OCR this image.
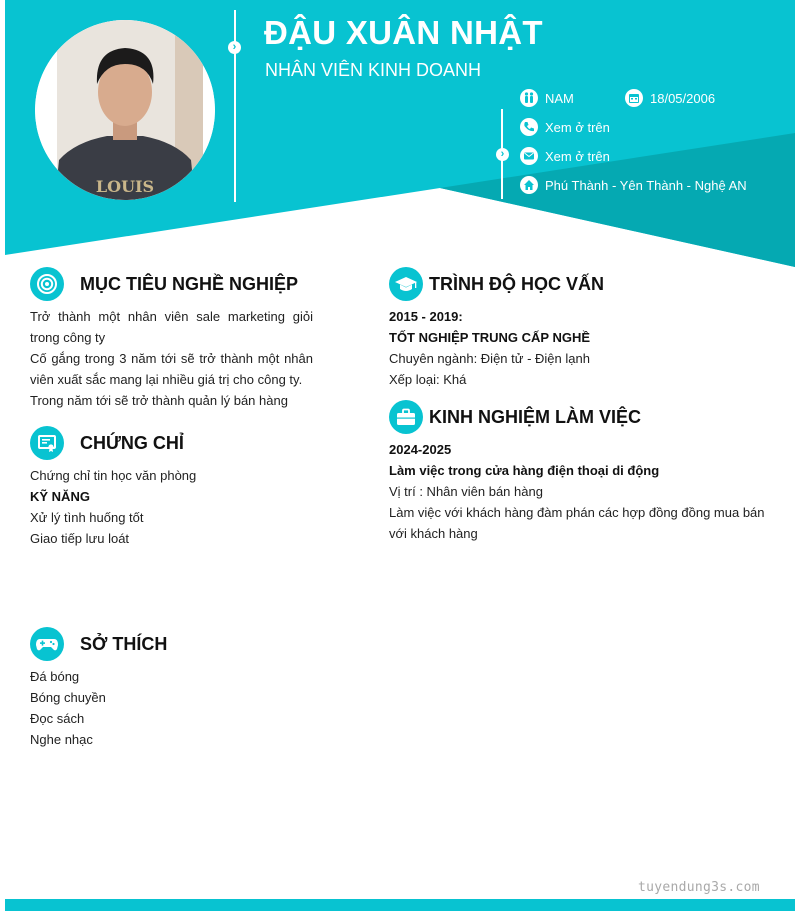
LOUIS
› ĐẬU XUÂN NHẬT
NHÂN VIÊN KINH DOANH
›
NAM	18/05/2006
Xem ở trên
Xem ở trên
Phú Thành - Yên Thành - Nghệ AN
MỤC TIÊU NGHỀ NGHIỆP
Trở thành một nhân viên sale marketing giỏi trong công ty
Cố gắng trong 3 năm tới sẽ trở thành một nhân viên xuất sắc mang lại nhiều giá trị cho công ty.
Trong năm tới sẽ trở thành quản lý bán hàng
CHỨNG CHỈ
Chứng chỉ tin học văn phòng
KỸ NĂNG
Xử lý tình huống tốt
Giao tiếp lưu loát
SỞ THÍCH
Đá bóng
Bóng chuyền
Đọc sách
Nghe nhạc
TRÌNH ĐỘ HỌC VẤN
2015 - 2019:
TỐT NGHIỆP TRUNG CẤP NGHỀ
Chuyên ngành: Điện tử - Điện lạnh
Xếp loại: Khá
KINH NGHIỆM LÀM VIỆC
2024-2025
Làm việc trong cửa hàng điện thoại di động
Vị trí : Nhân viên bán hàng
Làm việc với khách hàng đàm phán các hợp đồng đồng mua bán với khách hàng
tuyendung3s.com
